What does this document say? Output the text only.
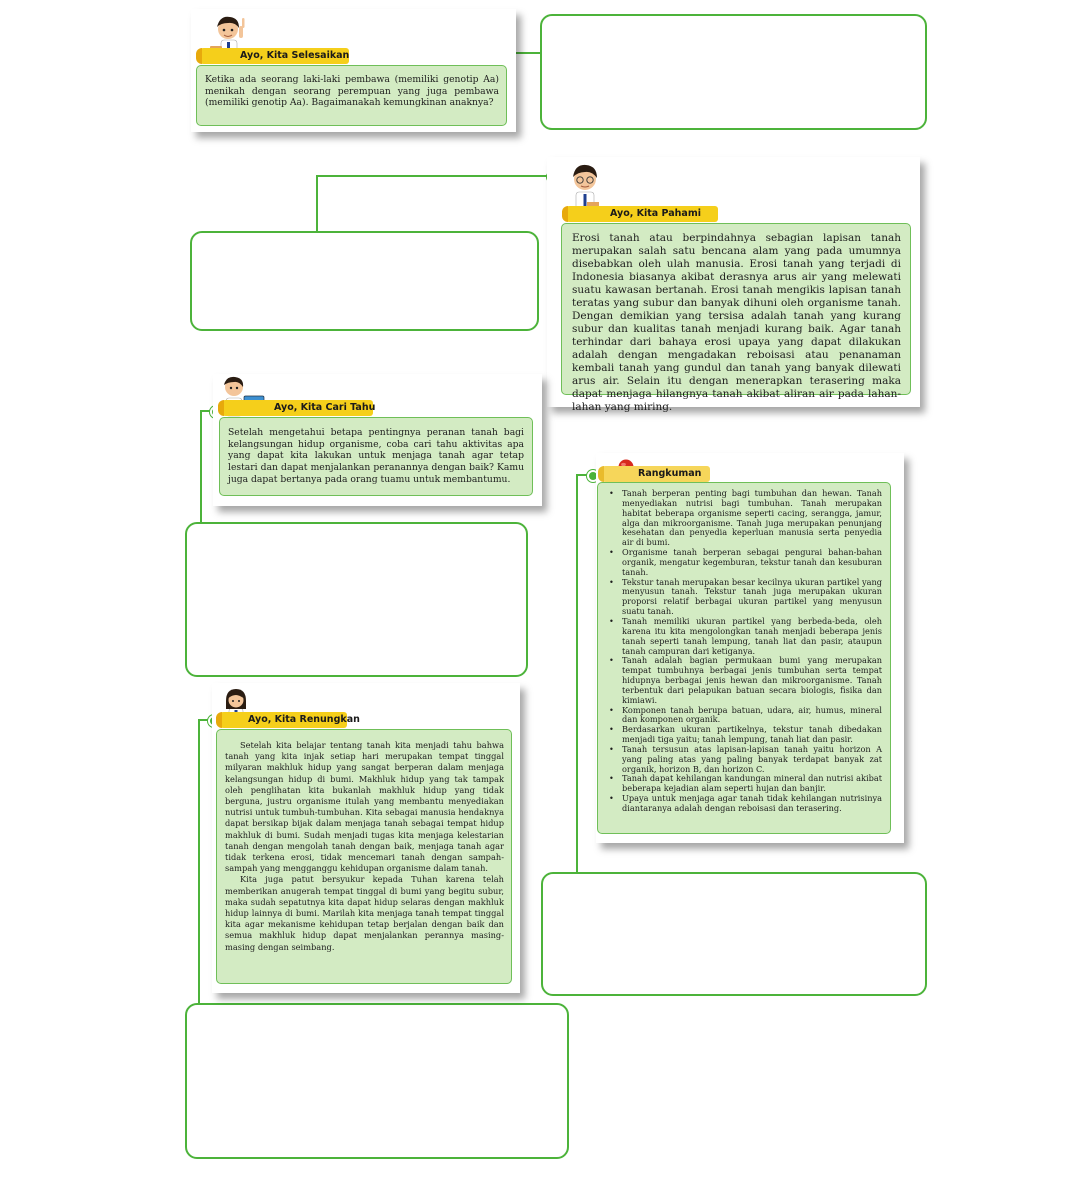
Ayo, Kita Selesaikan

Ketika ada seorang laki-laki pembawa (memiliki genotip Aa) menikah dengan seorang perempuan yang juga pembawa (memiliki genotip Aa). Bagaimanakah kemungkinan anaknya?

Ayo, Kita Pahami

Erosi tanah atau berpindahnya sebagian lapisan tanah merupakan salah satu bencana alam yang pada umumnya disebabkan oleh ulah manusia. Erosi tanah yang terjadi di Indonesia biasanya akibat derasnya arus air yang melewati suatu kawasan bertanah. Erosi tanah mengikis lapisan tanah teratas yang subur dan banyak dihuni oleh organisme tanah. Dengan demikian yang tersisa adalah tanah yang kurang subur dan kualitas tanah menjadi kurang baik. Agar tanah terhindar dari bahaya erosi upaya yang dapat dilakukan adalah dengan mengadakan reboisasi atau penanaman kembali tanah yang gundul dan tanah yang banyak dilewati arus air. Selain itu dengan menerapkan terasering maka dapat menjaga hilangnya tanah akibat aliran air pada lahan-lahan yang miring.

Ayo, Kita Cari Tahu

Setelah mengetahui betapa pentingnya peranan tanah bagi kelangsungan hidup organisme, coba cari tahu aktivitas apa yang dapat kita lakukan untuk menjaga tanah agar tetap lestari dan dapat menjalankan peranannya dengan baik? Kamu juga dapat bertanya pada orang tuamu untuk membantumu.

Rangkuman
• Tanah berperan penting bagi tumbuhan dan hewan. Tanah menyediakan nutrisi bagi tumbuhan. Tanah merupakan habitat beberapa organisme seperti cacing, serangga, jamur, alga dan mikroorganisme. Tanah juga merupakan penunjang kesehatan dan penyedia keperluan manusia serta penyedia air di bumi.
• Organisme tanah berperan sebagai pengurai bahan-bahan organik, mengatur kegemburan, tekstur tanah dan kesuburan tanah.
• Tekstur tanah merupakan besar kecilnya ukuran partikel yang menyusun tanah. Tekstur tanah juga merupakan ukuran proporsi relatif berbagai ukuran partikel yang menyusun suatu tanah.
• Tanah memiliki ukuran partikel yang berbeda-beda, oleh karena itu kita mengolongkan tanah menjadi beberapa jenis tanah seperti tanah lempung, tanah liat dan pasir, ataupun tanah campuran dari ketiganya.
• Tanah adalah bagian permukaan bumi yang merupakan tempat tumbuhnya berbagai jenis tumbuhan serta tempat hidupnya berbagai jenis hewan dan mikroorganisme. Tanah terbentuk dari pelapukan batuan secara biologis, fisika dan kimiawi.
• Komponen tanah berupa batuan, udara, air, humus, mineral dan komponen organik.
• Berdasarkan ukuran partikelnya, tekstur tanah dibedakan menjadi tiga yaitu; tanah lempung, tanah liat dan pasir.
• Tanah tersusun atas lapisan-lapisan tanah yaitu horizon A yang paling atas yang paling banyak terdapat banyak zat organik, horizon B, dan horizon C.
• Tanah dapat kehilangan kandungan mineral dan nutrisi akibat beberapa kejadian alam seperti hujan dan banjir.
• Upaya untuk menjaga agar tanah tidak kehilangan nutrisinya diantaranya adalah dengan reboisasi dan terasering.
Ayo, Kita Renungkan

Setelah kita belajar tentang tanah kita menjadi tahu bahwa tanah yang kita injak setiap hari merupakan tempat tinggal milyaran makhluk hidup yang sangat berperan dalam menjaga kelangsungan hidup di bumi. Makhluk hidup yang tak tampak oleh penglihatan kita bukanlah makhluk hidup yang tidak berguna, justru organisme itulah yang membantu menyediakan nutrisi untuk tumbuh-tumbuhan. Kita sebagai manusia hendaknya dapat bersikap bijak dalam menjaga tanah sebagai tempat hidup makhluk di bumi. Sudah menjadi tugas kita menjaga kelestarian tanah dengan mengolah tanah dengan baik, menjaga tanah agar tidak terkena erosi, tidak mencemari tanah dengan sampah-sampah yang mengganggu kehidupan organisme dalam tanah.

Kita juga patut bersyukur kepada Tuhan karena telah memberikan anugerah tempat tinggal di bumi yang begitu subur, maka sudah sepatutnya kita dapat hidup selaras dengan makhluk hidup lainnya di bumi. Marilah kita menjaga tanah tempat tinggal kita agar mekanisme kehidupan tetap berjalan dengan baik dan semua makhluk hidup dapat menjalankan perannya masing-masing dengan seimbang.
